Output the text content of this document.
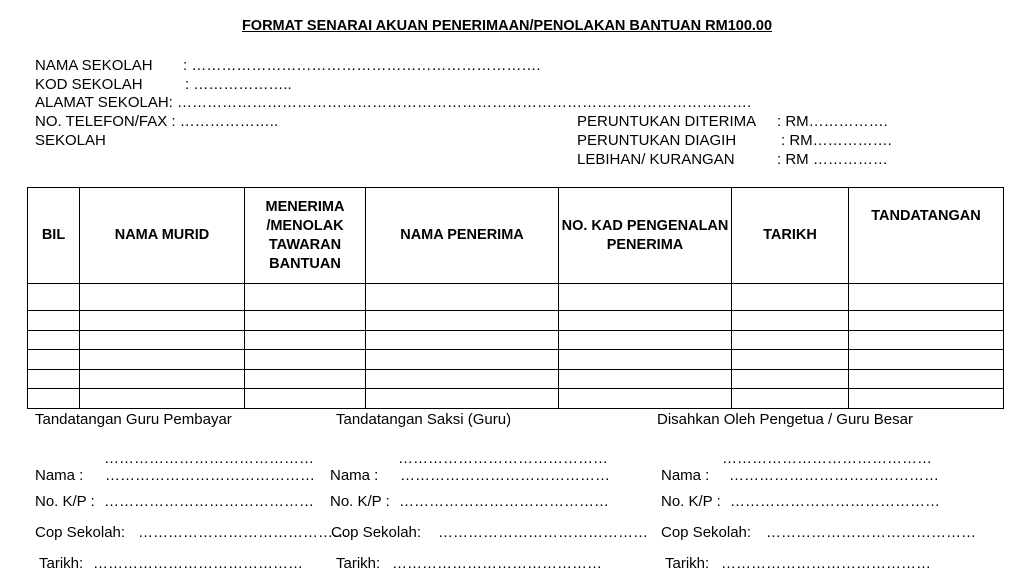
FORMAT SENARAI AKUAN PENERIMAAN/PENOLAKAN BANTUAN RM100.00
NAMA SEKOLAH : …………………………………………………………….
KOD SEKOLAH	: ………………..
ALAMAT SEKOLAH: …………………………………………………………………………………………………….
NO. TELEFON/FAX : ………………..
SEKOLAH
PERUNTUKAN DITERIMA : RM…………….
PERUNTUKAN DIAGIH	: RM…………….
LEBIHAN/ KURANGAN	: RM ……………
BIL	NAMA MURID	MENERIMA /MENOLAK TAWARAN BANTUAN	NAMA PENERIMA	NO. KAD PENGENALAN PENERIMA	TARIKH	TANDATANGAN

Tandatangan Guru Pembayar
……………………………………
Nama : ……………………………………
No. K/P : ……………………………………
Cop Sekolah: ……………………………………
Tarikh: ……………………………………
Tandatangan Saksi (Guru)
……………………………………
Nama : ……………………………………
No. K/P : ……………………………………
Cop Sekolah: ……………………………………
Tarikh: ……………………………………
Disahkan Oleh Pengetua / Guru Besar
……………………………………
Nama : ……………………………………
No. K/P : ……………………………………
Cop Sekolah: ……………………………………
Tarikh: ……………………………………
